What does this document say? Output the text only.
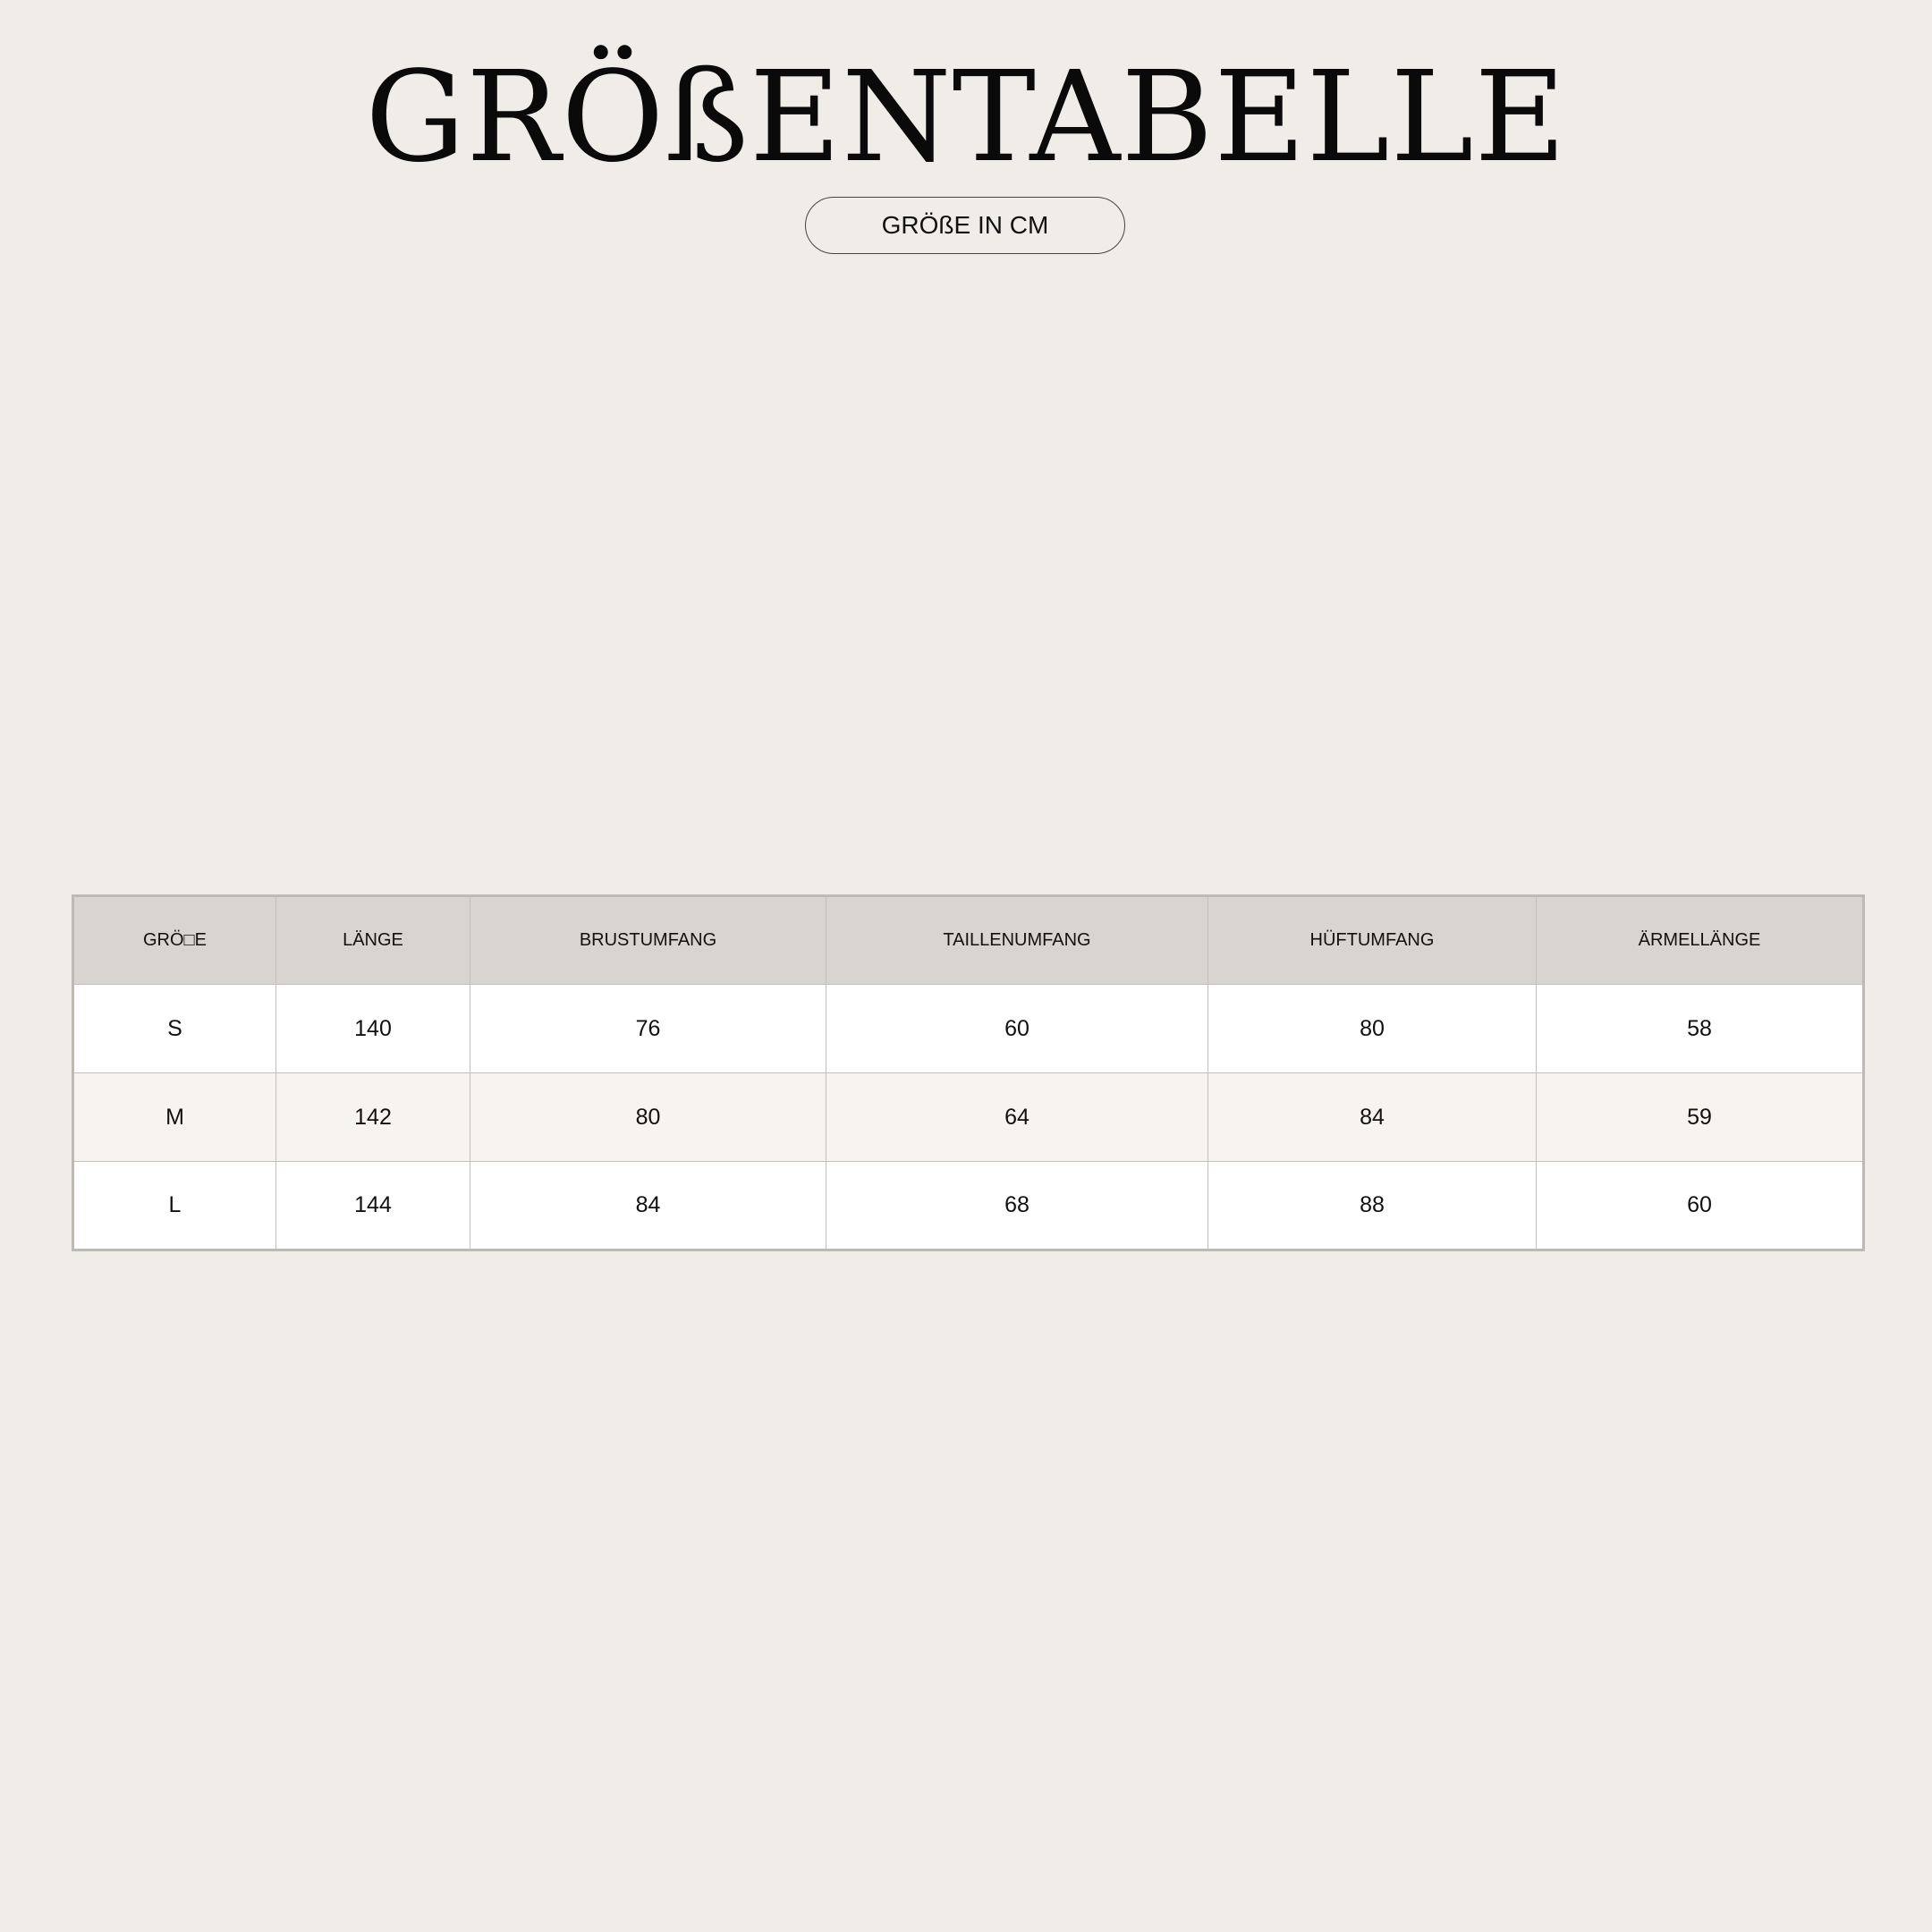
GRÖßENTABELLE
GRÖßE IN CM
GRÖ□E	LÄNGE	BRUSTUMFANG	TAILLENUMFANG	HÜFTUMFANG	ÄRMELLÄNGE
S	140	76	60	80	58
M	142	80	64	84	59
L	144	84	68	88	60
